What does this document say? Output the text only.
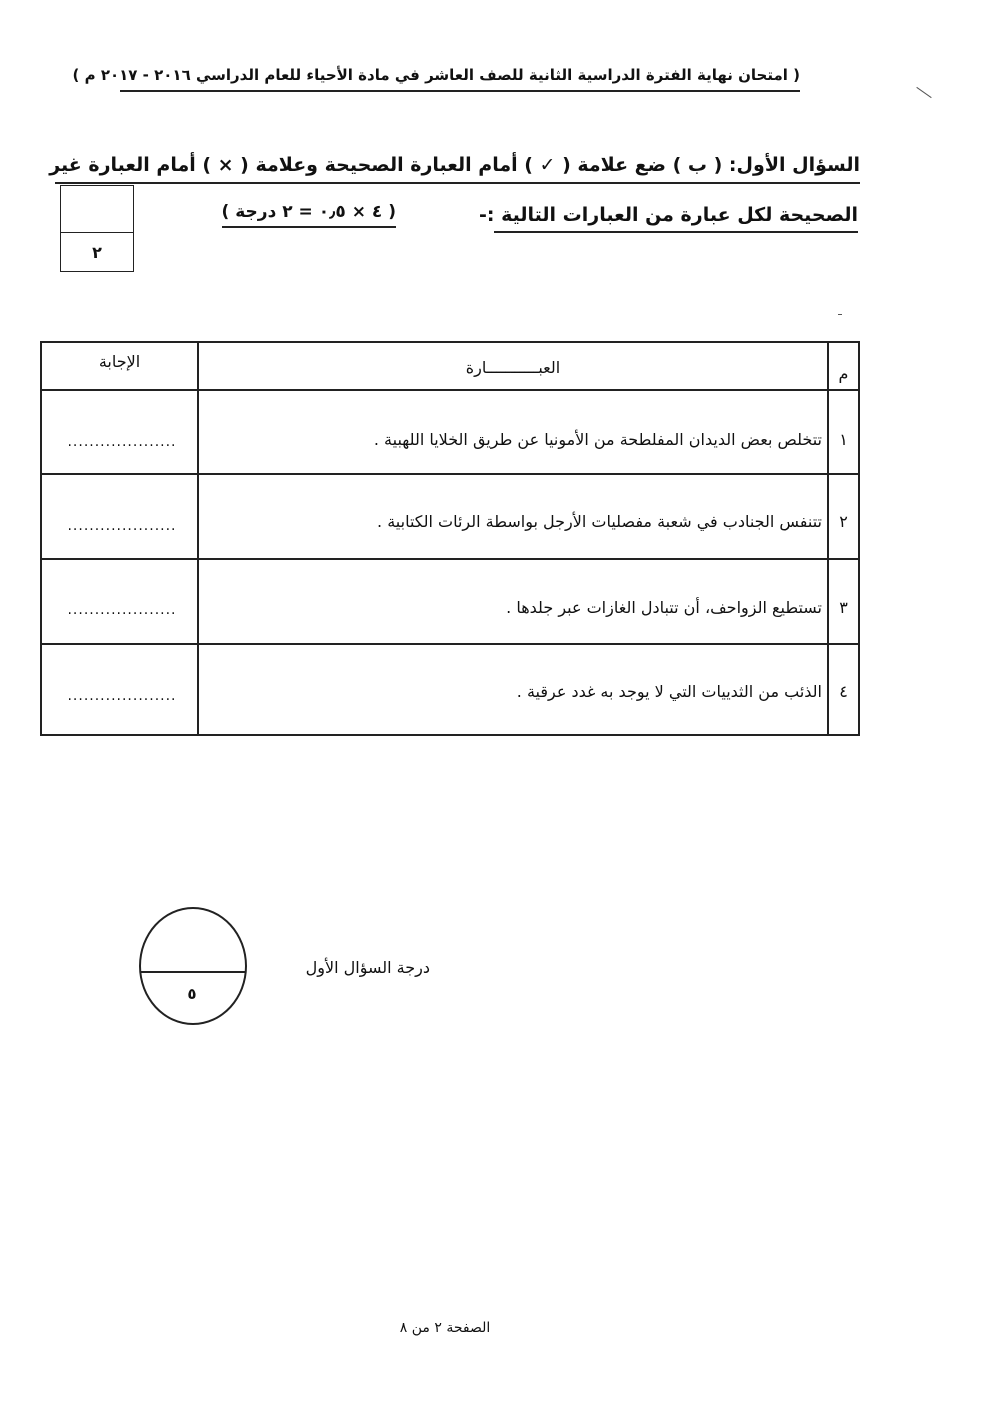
( امتحان نهاية الفترة الدراسية الثانية للصف العاشر في مادة الأحياء للعام الدراسي ٢٠١٦ - ٢٠١٧ م )
السؤال الأول: ( ب ) ضع علامة ( ✓ ) أمام العبارة الصحيحة وعلامة ( × ) أمام العبارة غير
الصحيحة لكل عبارة من العبارات التالية :-
( ٤ × ٠٫٥ = ٢ درجة )
٢
م
العبـــــــــــارة
الإجابة
١
تتخلص بعض الديدان المفلطحة من الأمونيا عن طريق الخلايا اللهبية .
....................
٢
تتنفس الجنادب في شعبة مفصليات الأرجل بواسطة الرئات الكتابية .
....................
٣
تستطيع الزواحف، أن تتبادل الغازات عبر جلدها .
....................
٤
الذئب من الثدييات التي لا يوجد به غدد عرقية .
....................
٥
درجة السؤال الأول
الصفحة ٢ من ٨
